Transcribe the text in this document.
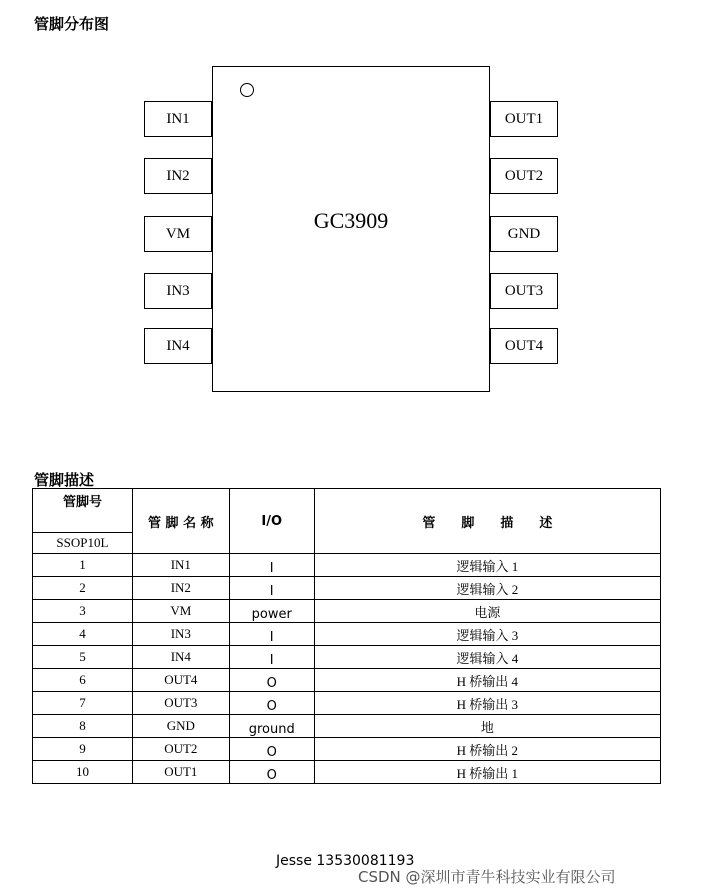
管脚分布图
GC3909
IN1
IN2
VM
IN3
IN4
OUT1
OUT2
GND
OUT3
OUT4
管脚描述
管脚号	管 脚 名 称	I/O	管　　脚　　描　　述
SSOP10L			
1	IN1	I	逻辑输入 1
2	IN2	I	逻辑输入 2
3	VM	power	电源
4	IN3	I	逻辑输入 3
5	IN4	I	逻辑输入 4
6	OUT4	O	H 桥输出 4
7	OUT3	O	H 桥输出 3
8	GND	ground	地
9	OUT2	O	H 桥输出 2
10	OUT1	O	H 桥输出 1
Jesse 13530081193
CSDN @深圳市青牛科技实业有限公司
